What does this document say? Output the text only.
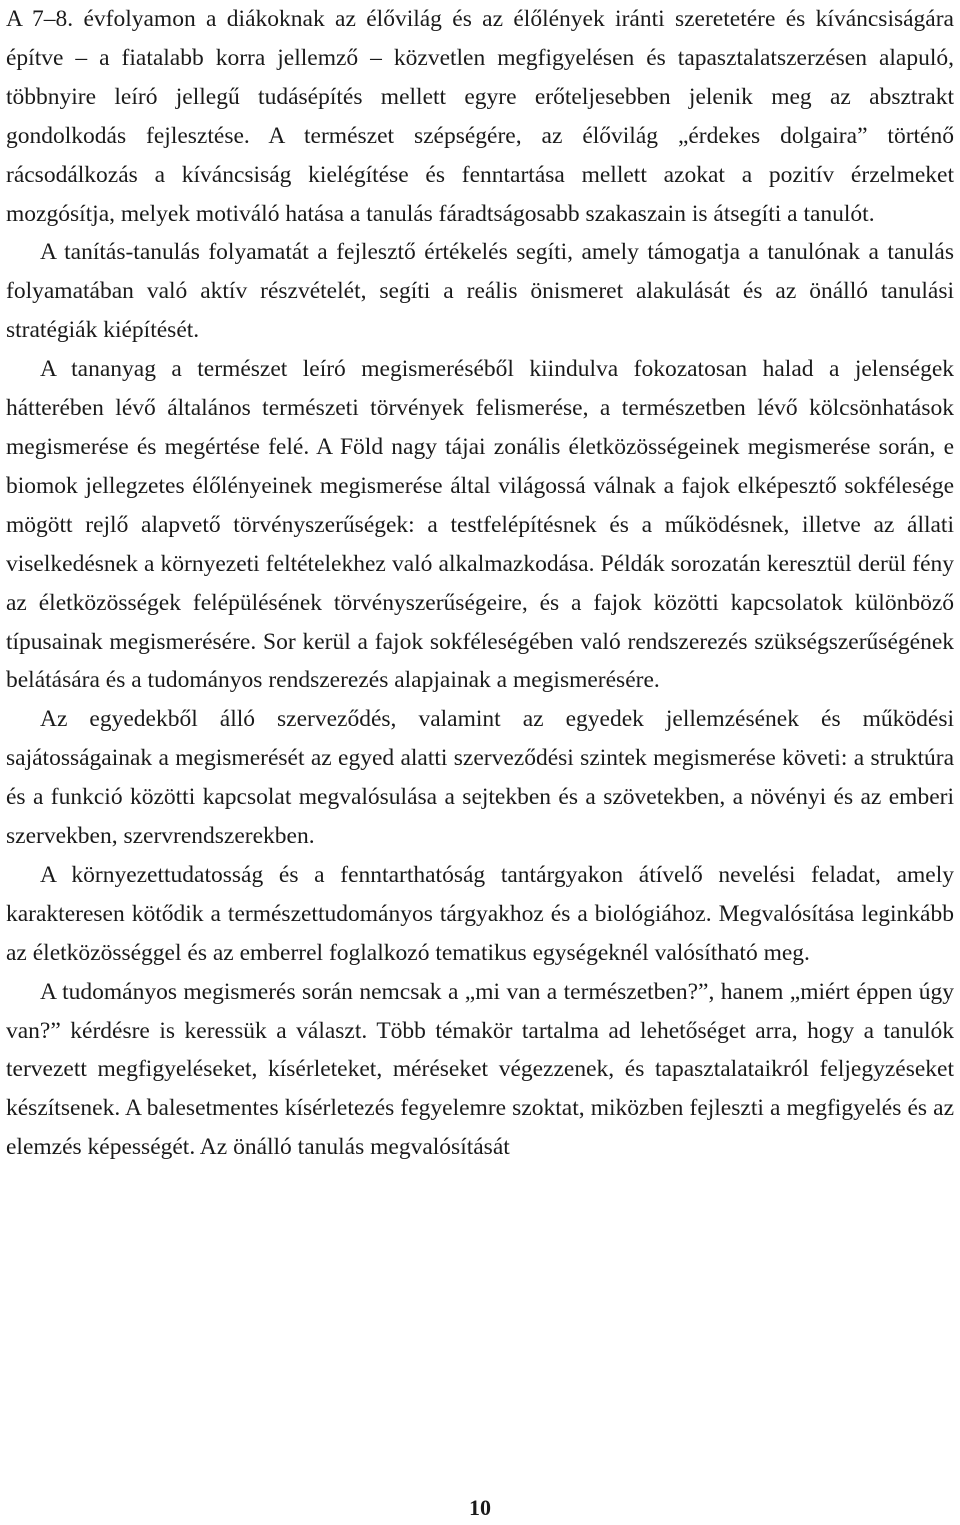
A 7–8. évfolyamon a diákoknak az élővilág és az élőlények iránti szeretetére és kíváncsiságára építve – a fiatalabb korra jellemző – közvetlen megfigyelésen és tapasztalatszerzésen alapuló, többnyire leíró jellegű tudásépítés mellett egyre erőteljesebben jelenik meg az absztrakt gondolkodás fejlesztése. A természet szépségére, az élővilág „érdekes dolgaira” történő rácsodálkozás a kíváncsiság kielégítése és fenntartása mellett azokat a pozitív érzelmeket mozgósítja, melyek motiváló hatása a tanulás fáradtságosabb szakaszain is átsegíti a tanulót.

A tanítás-tanulás folyamatát a fejlesztő értékelés segíti, amely támogatja a tanulónak a tanulás folyamatában való aktív részvételét, segíti a reális önismeret alakulását és az önálló tanulási stratégiák kiépítését.

A tananyag a természet leíró megismeréséből kiindulva fokozatosan halad a jelenségek hátterében lévő általános természeti törvények felismerése, a természetben lévő kölcsönhatások megismerése és megértése felé. A Föld nagy tájai zonális életközösségeinek megismerése során, e biomok jellegzetes élőlényeinek megismerése által világossá válnak a fajok elképesztő sokfélesége mögött rejlő alapvető törvényszerűségek: a testfelépítésnek és a működésnek, illetve az állati viselkedésnek a környezeti feltételekhez való alkalmazkodása. Példák sorozatán keresztül derül fény az életközösségek felépülésének törvényszerűségeire, és a fajok közötti kapcsolatok különböző típusainak megismerésére. Sor kerül a fajok sokféleségében való rendszerezés szükségszerűségének belátására és a tudományos rendszerezés alapjainak a megismerésére.

Az egyedekből álló szerveződés, valamint az egyedek jellemzésének és működési sajátosságainak a megismerését az egyed alatti szerveződési szintek megismerése követi: a struktúra és a funkció közötti kapcsolat megvalósulása a sejtekben és a szövetekben, a növényi és az emberi szervekben, szervrendszerekben.

A környezettudatosság és a fenntarthatóság tantárgyakon átívelő nevelési feladat, amely karakteresen kötődik a természettudományos tárgyakhoz és a biológiához. Megvalósítása leginkább az életközösséggel és az emberrel foglalkozó tematikus egységeknél valósítható meg.

A tudományos megismerés során nemcsak a „mi van a természetben?”, hanem „miért éppen úgy van?” kérdésre is keressük a választ. Több témakör tartalma ad lehetőséget arra, hogy a tanulók tervezett megfigyeléseket, kísérleteket, méréseket végezzenek, és tapasztalataikról feljegyzéseket készítsenek. A balesetmentes kísérletezés fegyelemre szoktat, miközben fejleszti a megfigyelés és az elemzés képességét. Az önálló tanulás megvalósítását

10
